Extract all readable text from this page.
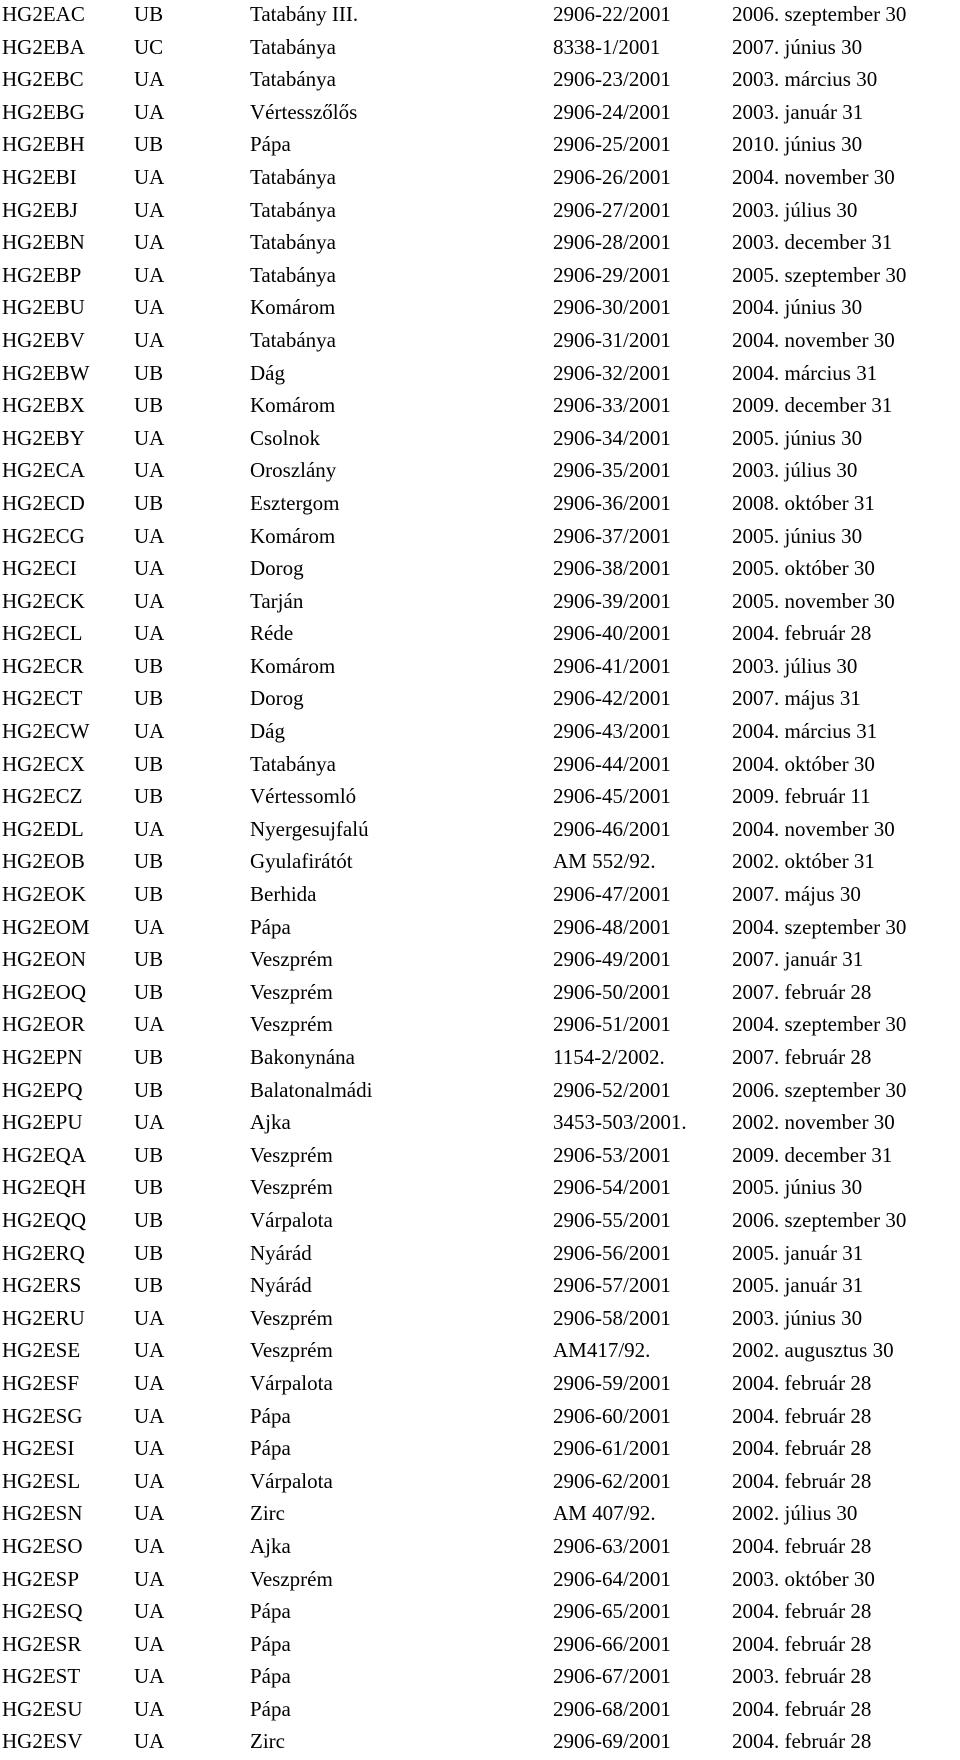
HG2EAC UB	Tatabány III.	2906-22/2001	2006. szeptember 30
HG2EBA UC	Tatabánya	8338-1/2001	2007. június 30
HG2EBC UA	Tatabánya	2906-23/2001	2003. március 30
HG2EBG UA	Vértesszőlős	2906-24/2001	2003. január 31
HG2EBH UB	Pápa	2906-25/2001	2010. június 30
HG2EBI	UA	Tatabánya	2906-26/2001	2004. november 30
HG2EBJ	UA	Tatabánya	2906-27/2001	2003. július 30
HG2EBN UA	Tatabánya	2906-28/2001	2003. december 31
HG2EBP	UA	Tatabánya	2906-29/2001	2005. szeptember 30
HG2EBU UA	Komárom	2906-30/2001	2004. június 30
HG2EBV UA	Tatabánya	2906-31/2001	2004. november 30
HG2EBW UB	Dág	2906-32/2001	2004. március 31
HG2EBX UB	Komárom	2906-33/2001	2009. december 31
HG2EBY UA	Csolnok	2906-34/2001	2005. június 30
HG2ECA UA	Oroszlány	2906-35/2001	2003. július 30
HG2ECD UB	Esztergom	2906-36/2001	2008. október 31
HG2ECG UA	Komárom	2906-37/2001	2005. június 30
HG2ECI	UA	Dorog	2906-38/2001	2005. október 30
HG2ECK UA	Tarján	2906-39/2001	2005. november 30
HG2ECL UA	Réde	2906-40/2001	2004. február 28
HG2ECR UB	Komárom	2906-41/2001	2003. július 30
HG2ECT UB	Dorog	2906-42/2001	2007. május 31
HG2ECW UA	Dág	2906-43/2001	2004. március 31
HG2ECX UB	Tatabánya	2906-44/2001	2004. október 30
HG2ECZ UB	Vértessomló	2906-45/2001	2009. február 11
HG2EDL UA	Nyergesujfalú	2906-46/2001	2004. november 30
HG2EOB UB	Gyulafirátót	AM 552/92.	2002. október 31
HG2EOK UB	Berhida	2906-47/2001	2007. május 30
HG2EOM UA	Pápa	2906-48/2001	2004. szeptember 30
HG2EON UB	Veszprém	2906-49/2001	2007. január 31
HG2EOQ UB	Veszprém	2906-50/2001	2007. február 28
HG2EOR UA	Veszprém	2906-51/2001	2004. szeptember 30
HG2EPN UB	Bakonynána	1154-2/2002.	2007. február 28
HG2EPQ UB	Balatonalmádi	2906-52/2001	2006. szeptember 30
HG2EPU UA	Ajka	3453-503/2001. 2002. november 30
HG2EQA UB	Veszprém	2906-53/2001	2009. december 31
HG2EQH UB	Veszprém	2906-54/2001	2005. június 30
HG2EQQ UB	Várpalota	2906-55/2001	2006. szeptember 30
HG2ERQ UB	Nyárád	2906-56/2001	2005. január 31
HG2ERS	UB	Nyárád	2906-57/2001	2005. január 31
HG2ERU UA	Veszprém	2906-58/2001	2003. június 30
HG2ESE	UA	Veszprém	AM417/92.	2002. augusztus 30
HG2ESF	UA	Várpalota	2906-59/2001	2004. február 28
HG2ESG UA	Pápa	2906-60/2001	2004. február 28
HG2ESI	UA	Pápa	2906-61/2001	2004. február 28
HG2ESL	UA	Várpalota	2906-62/2001	2004. február 28
HG2ESN UA	Zirc	AM 407/92.	2002. július 30
HG2ESO UA	Ajka	2906-63/2001	2004. február 28
HG2ESP	UA	Veszprém	2906-64/2001	2003. október 30
HG2ESQ UA	Pápa	2906-65/2001	2004. február 28
HG2ESR	UA	Pápa	2906-66/2001	2004. február 28
HG2EST	UA	Pápa	2906-67/2001	2003. február 28
HG2ESU UA	Pápa	2906-68/2001	2004. február 28
HG2ESV UA	Zirc	2906-69/2001	2004. február 28
